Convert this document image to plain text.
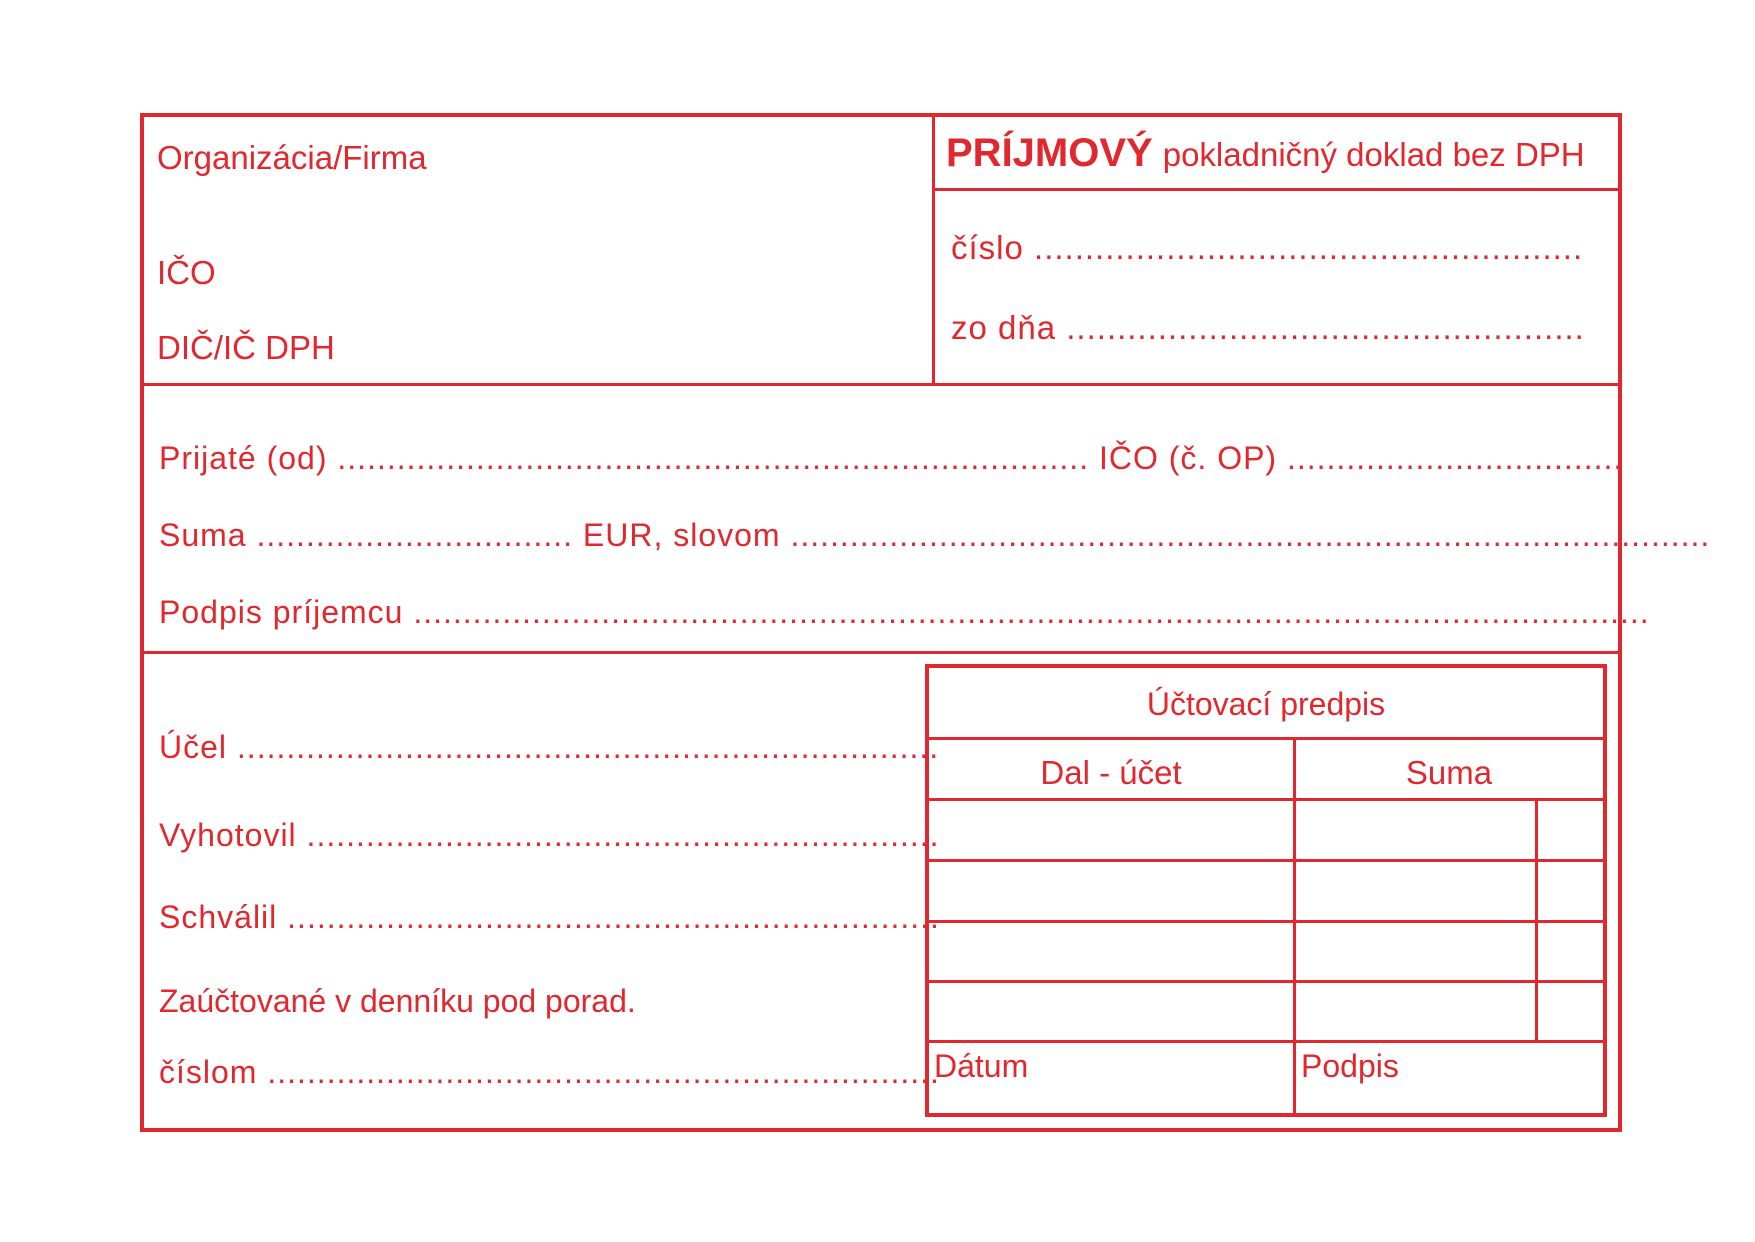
Organizácia/Firma
IČO
DIČ/IČ DPH
PRÍJMOVÝ pokladničný doklad bez DPH
číslo ......................................................
zo dňa ...................................................
Prijaté (od) ............................................................................ IČO (č. OP) ..................................
Suma ................................ EUR, slovom .............................................................................................
Podpis príjemcu .............................................................................................................................
Účel .......................................................................
Vyhotovil ................................................................
Schválil ..................................................................
Zaúčtované v denníku pod porad.
číslom ....................................................................
Účtovací predpis
Dal - účet	Suma
Dátum	Podpis
